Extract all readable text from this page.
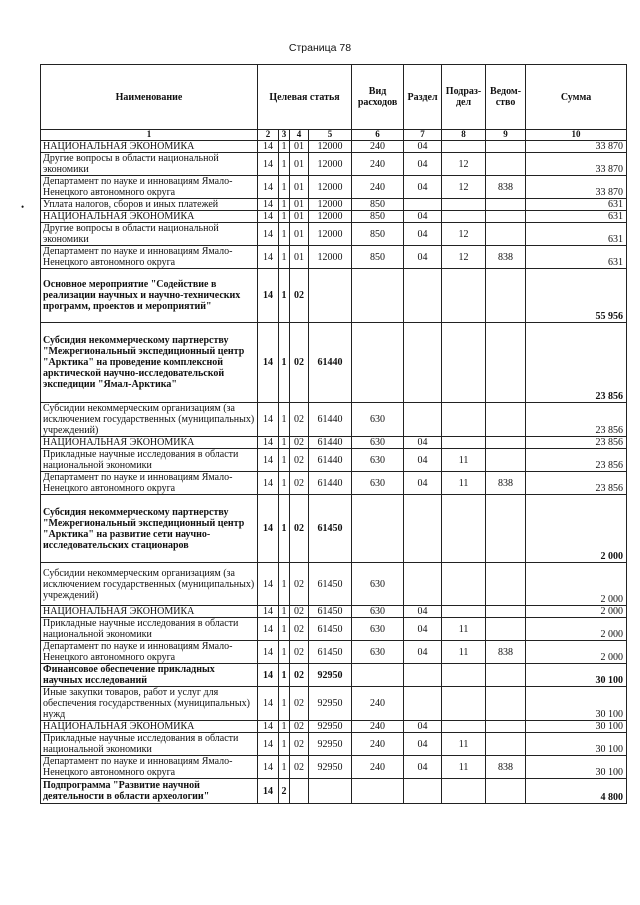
Страница 78
•
Наименование	Целевая статья				Вид расходов	Раздел	Подраз-дел	Ведом-ство	Сумма
1	2	3	4	5	6	7	8	9	10
НАЦИОНАЛЬНАЯ ЭКОНОМИКА	14	1	01	12000	240	04			33 870
Другие вопросы в области национальной экономики	14	1	01	12000	240	04	12		33 870
Департамент по науке и инновациям Ямало-Ненецкого автономного округа	14	1	01	12000	240	04	12	838	33 870
Уплата налогов, сборов и иных платежей	14	1	01	12000	850				631
НАЦИОНАЛЬНАЯ ЭКОНОМИКА	14	1	01	12000	850	04			631
Другие вопросы в области национальной экономики	14	1	01	12000	850	04	12		631
Департамент по науке и инновациям Ямало-Ненецкого автономного округа	14	1	01	12000	850	04	12	838	631
Основное мероприятие "Содействие в реализации научных и научно-технических программ, проектов и мероприятий"	14	1	02						55 956
Субсидия некоммерческому партнерству "Межрегиональный экспедиционный центр "Арктика" на проведение комплексной арктической научно-исследовательской экспедиции "Ямал-Арктика"	14	1	02	61440					23 856
Субсидии некоммерческим организациям (за исключением государственных (муниципальных) учреждений)	14	1	02	61440	630				23 856
НАЦИОНАЛЬНАЯ ЭКОНОМИКА	14	1	02	61440	630	04			23 856
Прикладные научные исследования в области национальной экономики	14	1	02	61440	630	04	11		23 856
Департамент по науке и инновациям Ямало-Ненецкого автономного округа	14	1	02	61440	630	04	11	838	23 856
Субсидия некоммерческому партнерству "Межрегиональный экспедиционный центр "Арктика" на развитие сети научно-исследовательских стационаров	14	1	02	61450					2 000
Субсидии некоммерческим организациям (за исключением государственных (муниципальных) учреждений)	14	1	02	61450	630				2 000
НАЦИОНАЛЬНАЯ ЭКОНОМИКА	14	1	02	61450	630	04			2 000
Прикладные научные исследования в области национальной экономики	14	1	02	61450	630	04	11		2 000
Департамент по науке и инновациям Ямало-Ненецкого автономного округа	14	1	02	61450	630	04	11	838	2 000
Финансовое обеспечение прикладных научных исследований	14	1	02	92950					30 100
Иные закупки товаров, работ и услуг для обеспечения государственных (муниципальных) нужд	14	1	02	92950	240				30 100
НАЦИОНАЛЬНАЯ ЭКОНОМИКА	14	1	02	92950	240	04			30 100
Прикладные научные исследования в области национальной экономики	14	1	02	92950	240	04	11		30 100
Департамент по науке и инновациям Ямало-Ненецкого автономного округа	14	1	02	92950	240	04	11	838	30 100
Подпрограмма "Развитие научной деятельности в области археологии"	14	2							4 800
